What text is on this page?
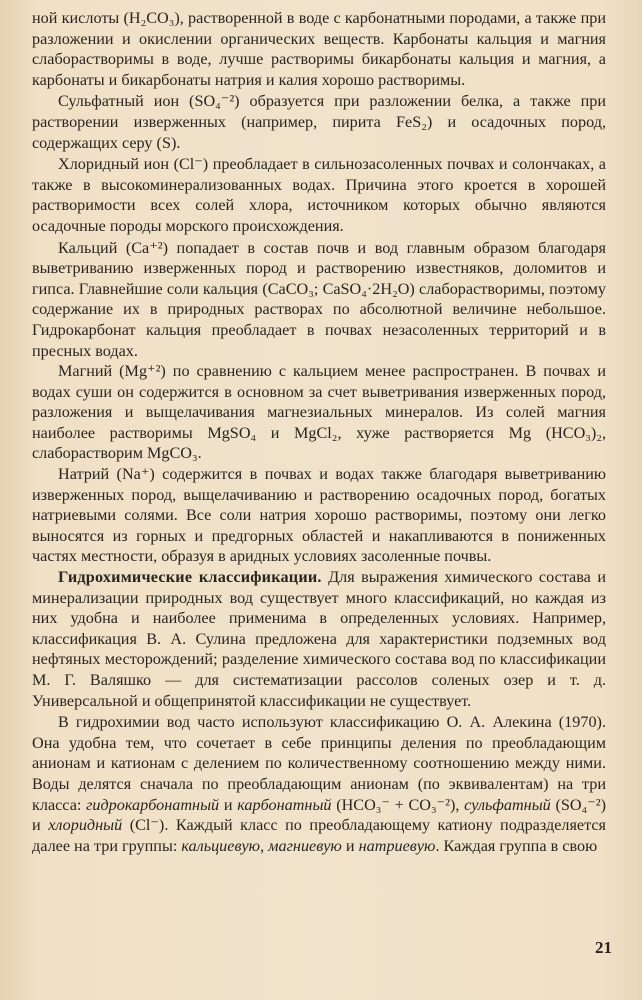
ной кислоты (H₂CO₃), растворенной в воде с карбонатными породами, а также при разложении и окислении органических веществ. Карбонаты кальция и магния слаборастворимы в воде, лучше растворимы бикарбонаты кальция и магния, а карбонаты и бикарбонаты натрия и калия хорошо растворимы.

Сульфатный ион (SO₄⁻²) образуется при разложении белка, а также при растворении изверженных (например, пирита FeS₂) и осадочных пород, содержащих серу (S).

Хлоридный ион (Cl⁻) преобладает в сильнозасоленных почвах и солончаках, а также в высокоминерализованных водах. Причина этого кроется в хорошей растворимости всех солей хлора, источником которых обычно являются осадочные породы морского происхождения.

Кальций (Ca⁺²) попадает в состав почв и вод главным образом благодаря выветриванию изверженных пород и растворению известняков, доломитов и гипса. Главнейшие соли кальция (CaCO₃; CaSO₄·2H₂O) слаборастворимы, поэтому содержание их в природных растворах по абсолютной величине небольшое. Гидрокарбонат кальция преобладает в почвах незасоленных территорий и в пресных водах.

Магний (Mg⁺²) по сравнению с кальцием менее распространен. В почвах и водах суши он содержится в основном за счет выветривания изверженных пород, разложения и выщелачивания магнезиальных минералов. Из солей магния наиболее растворимы MgSO₄ и MgCl₂, хуже растворяется Mg (HCO₃)₂, слаборастворим MgCO₃.

Натрий (Na⁺) содержится в почвах и водах также благодаря выветриванию изверженных пород, выщелачиванию и растворению осадочных пород, богатых натриевыми солями. Все соли натрия хорошо растворимы, поэтому они легко выносятся из горных и предгорных областей и накапливаются в пониженных частях местности, образуя в аридных условиях засоленные почвы.

Гидрохимические классификации. Для выражения химического состава и минерализации природных вод существует много классификаций, но каждая из них удобна и наиболее применима в определенных условиях. Например, классификация В. А. Сулина предложена для характеристики подземных вод нефтяных месторождений; разделение химического состава вод по классификации М. Г. Валяшко — для систематизации рассолов соленых озер и т. д. Универсальной и общепринятой классификации не существует.

В гидрохимии вод часто используют классификацию О. А. Алекина (1970). Она удобна тем, что сочетает в себе принципы деления по преобладающим анионам и катионам с делением по количественному соотношению между ними. Воды делятся сначала по преобладающим анионам (по эквивалентам) на три класса: гидрокарбонатный и карбонатный (HCO₃⁻ + CO₃⁻²), сульфатный (SO₄⁻²) и хлоридный (Cl⁻). Каждый класс по преобладающему катиону подразделяется далее на три группы: кальциевую, магниевую и натриевую. Каждая группа в свою

21
